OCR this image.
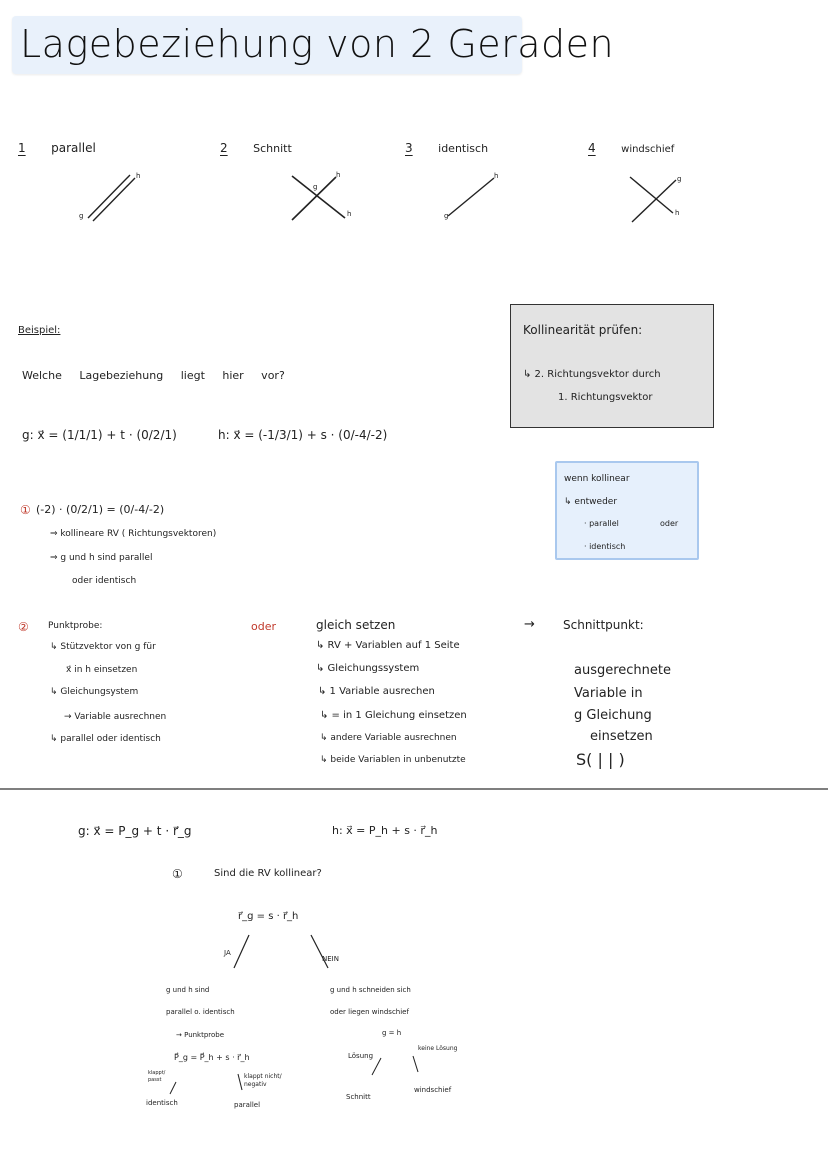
Lagebeziehung von 2 Geraden
1 parallel	2 Schnitt	3 identisch	4	windschief
h
g
g
h
h
h
g
g
h
Beispiel:
Welche Lagebeziehung liegt hier vor?
g: x⃗ = (1/1/1) + t · (0/2/1)	h: x⃗ = (-1/3/1) + s · (0/-4/-2)
① (-2) · (0/2/1) = (0/-4/-2)
⇒ kollineare RV ( Richtungsvektoren)
⇒ g und h sind parallel
oder identisch
Kollinearität prüfen:
↳ 2. Richtungsvektor durch
1. Richtungsvektor
wenn kollinear
↳ entweder
· parallel	oder
· identisch
② Punktprobe:
↳ Stützvektor von g für
x⃗ in h einsetzen
↳ Gleichungsystem
→ Variable ausrechnen
↳ parallel oder identisch
oder	gleich setzen
↳ RV + Variablen auf 1 Seite
↳ Gleichungssystem
↳ 1 Variable ausrechen
↳ = in 1 Gleichung einsetzen
↳ andere Variable ausrechnen
↳ beide Variablen in unbenutzte
→ Schnittpunkt:
ausgerechnete
Variable in
g Gleichung
einsetzen
S( | | )
g: x⃗ = P_g + t · r⃗_g	h: x⃗ = P_h + s · r⃗_h
①	Sind die RV kollinear?
r⃗_g = s · r⃗_h
JA
NEIN
g und h sind
parallel o. identisch
→ Punktprobe
P⃗_g = P⃗_h + s · r⃗_h
klappt/ passt	klappt nicht/ negativ
identisch	parallel
g und h schneiden sich
oder liegen windschief
g = h
Lösung
keine Lösung
Schnitt
windschief
